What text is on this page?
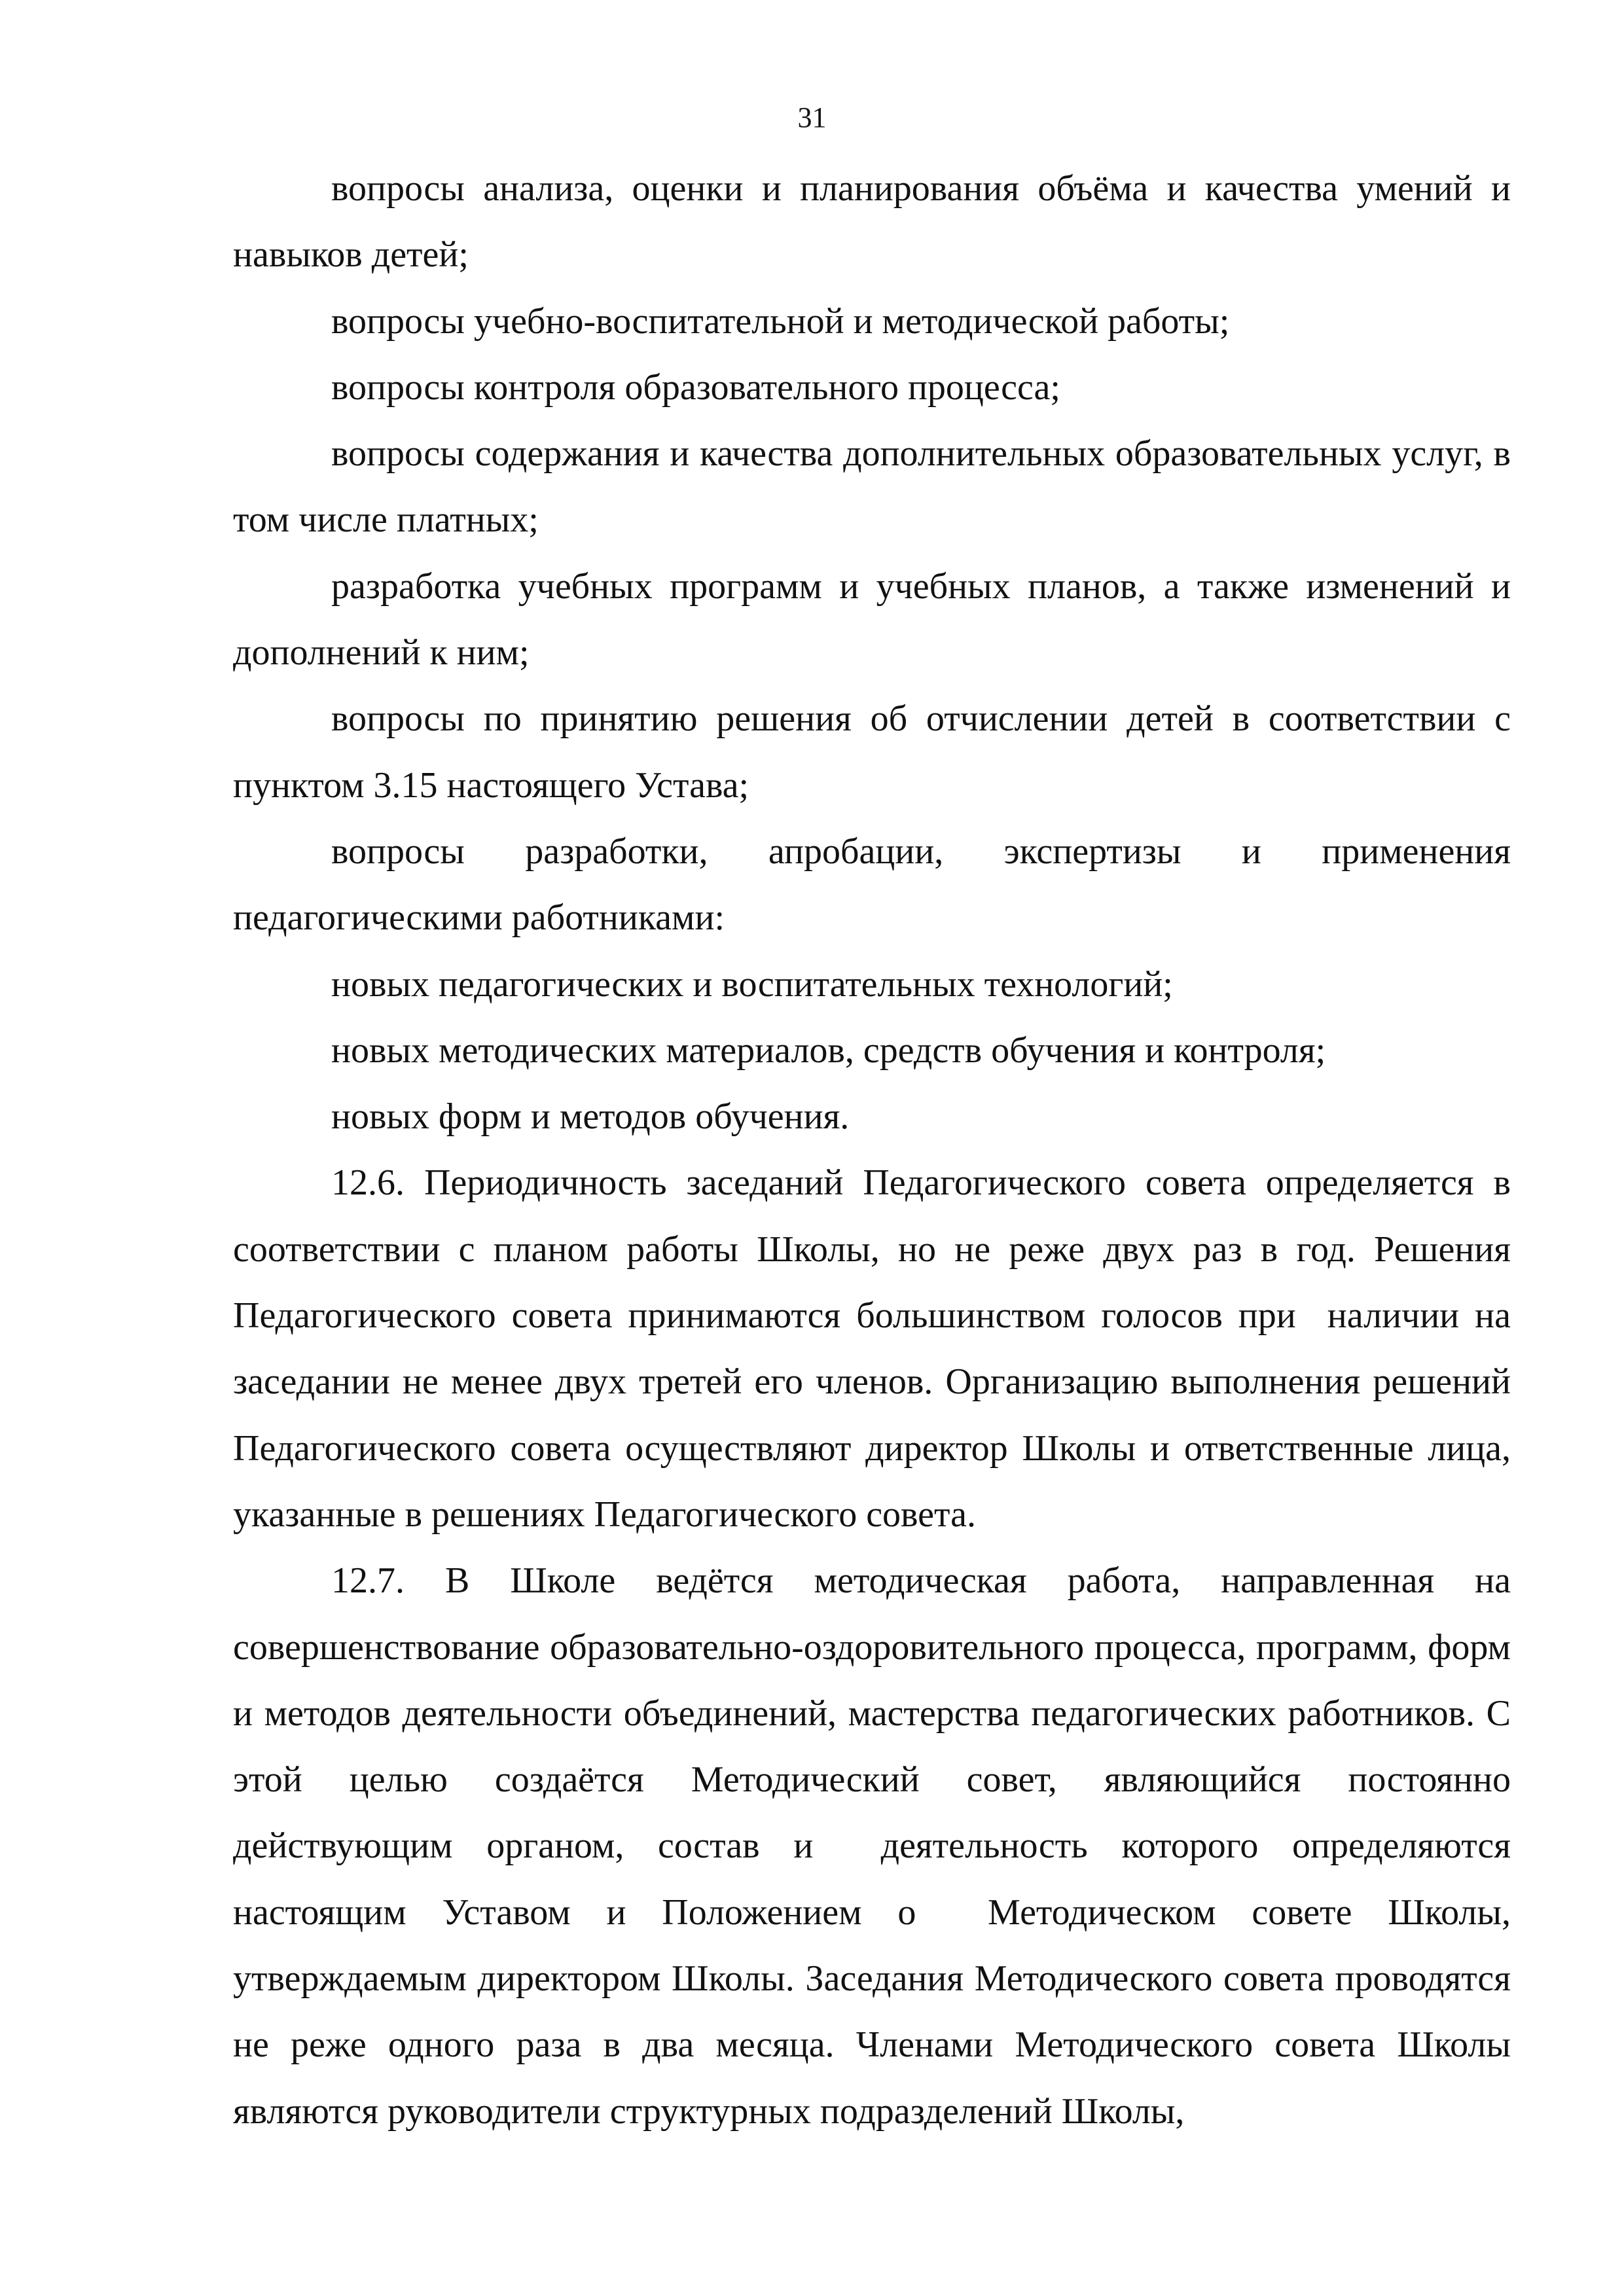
31

вопросы анализа, оценки и планирования объёма и качества умений и навыков детей;

вопросы учебно-воспитательной и методической работы;

вопросы контроля образовательного процесса;

вопросы содержания и качества дополнительных образовательных услуг, в том числе платных;

разработка учебных программ и учебных планов, а также изменений и дополнений к ним;

вопросы по принятию решения об отчислении детей в соответствии с пунктом 3.15 настоящего Устава;

вопросы разработки, апробации, экспертизы и применения педагогическими работниками:

новых педагогических и воспитательных технологий;

новых методических материалов, средств обучения и контроля;

новых форм и методов обучения.

12.6. Периодичность заседаний Педагогического совета определяется в соответствии с планом работы Школы, но не реже двух раз в год. Решения Педагогического совета принимаются большинством голосов при  наличии на заседании не менее двух третей его членов. Организацию выполнения решений Педагогического совета осуществляют директор Школы и ответственные лица, указанные в решениях Педагогического совета.

12.7. В Школе ведётся методическая работа, направленная на совершенствование образовательно-оздоровительного процесса, программ, форм и методов деятельности объединений, мастерства педагогических работников. С этой целью создаётся Методический совет, являющийся постоянно действующим органом, состав и  деятельность которого определяются настоящим Уставом и Положением о  Методическом совете Школы, утверждаемым директором Школы. Заседания Методического совета проводятся не реже одного раза в два месяца. Членами Методического совета Школы являются руководители структурных подразделений Школы,
